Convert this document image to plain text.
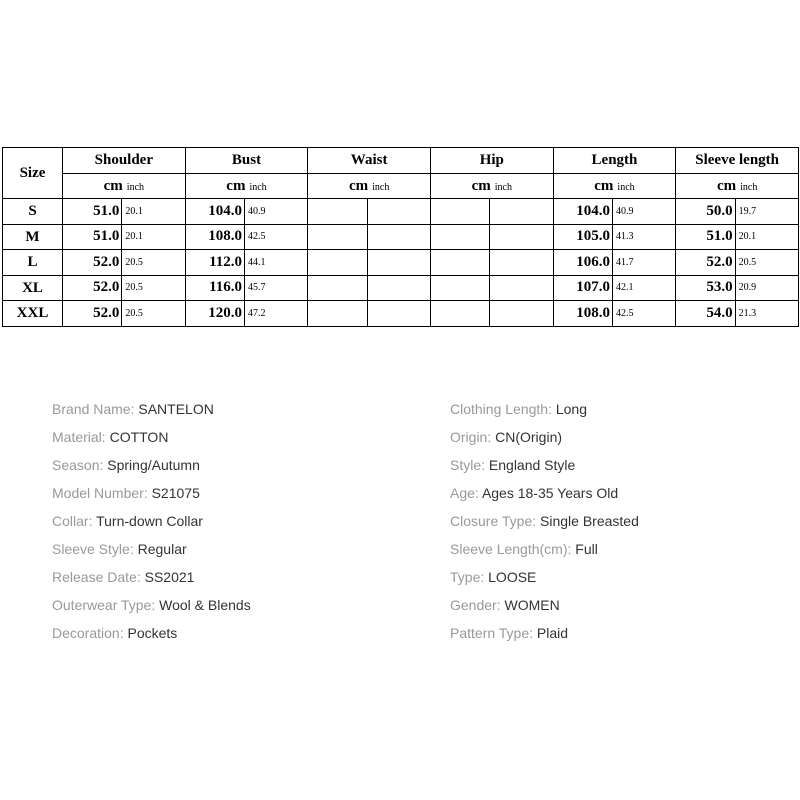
Size	Shoulder	Bust	Waist	Hip	Length	Sleeve length
	cm inch	cm inch	cm inch	cm inch	cm inch	cm inch
S	51.0 20.1	104.0 40.9			104.0 40.9	50.0 19.7

M	51.0 20.1	108.0 42.5			105.0 41.3	51.0 20.1

L	52.0 20.5	112.0 44.1			106.0 41.7	52.0 20.5

XL	52.0 20.5	116.0 45.7			107.0 42.1	53.0 20.9

XXL	52.0 20.5	120.0 47.2			108.0 42.5	54.0 21.3
Brand Name: SANTELON
Material: COTTON
Season: Spring/Autumn
Model Number: S21075
Collar: Turn-down Collar
Sleeve Style: Regular
Release Date: SS2021
Outerwear Type: Wool & Blends
Decoration: Pockets
Clothing Length: Long
Origin: CN(Origin)
Style: England Style
Age: Ages 18-35 Years Old
Closure Type: Single Breasted
Sleeve Length(cm): Full
Type: LOOSE
Gender: WOMEN
Pattern Type: Plaid
